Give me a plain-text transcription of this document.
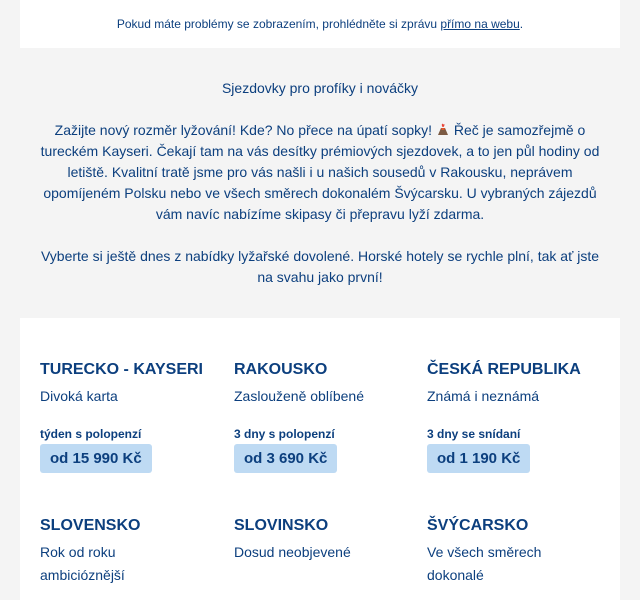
Pokud máte problémy se zobrazením, prohlédněte si zprávu přímo na webu.
Sjezdovky pro profíky i nováčky
Zažijte nový rozměr lyžování! Kde? No přece na úpatí sopky!  Řeč je samozřejmě o tureckém Kayseri. Čekají tam na vás desítky prémiových sjezdovek, a to jen půl hodiny od letiště. Kvalitní tratě jsme pro vás našli i u našich sousedů v Rakousku, neprávem opomíjeném Polsku nebo ve všech směrech dokonalém Švýcarsku. U vybraných zájezdů vám navíc nabízíme skipasy či přepravu lyží zdarma.
Vyberte si ještě dnes z nabídky lyžařské dovolené. Horské hotely se rychle plní, tak ať jste na svahu jako první!
TURECKO - KAYSERI
Divoká karta
týden s polopenzí
od 15 990 Kč
RAKOUSKO
Zaslouženě oblíbené
3 dny s polopenzí
od 3 690 Kč
ČESKÁ REPUBLIKA
Známá i neznámá
3 dny se snídaní
od 1 190 Kč
SLOVENSKO
Rok od roku ambicióznější
SLOVINSKO
Dosud neobjevené
ŠVÝCARSKO
Ve všech směrech dokonalé
